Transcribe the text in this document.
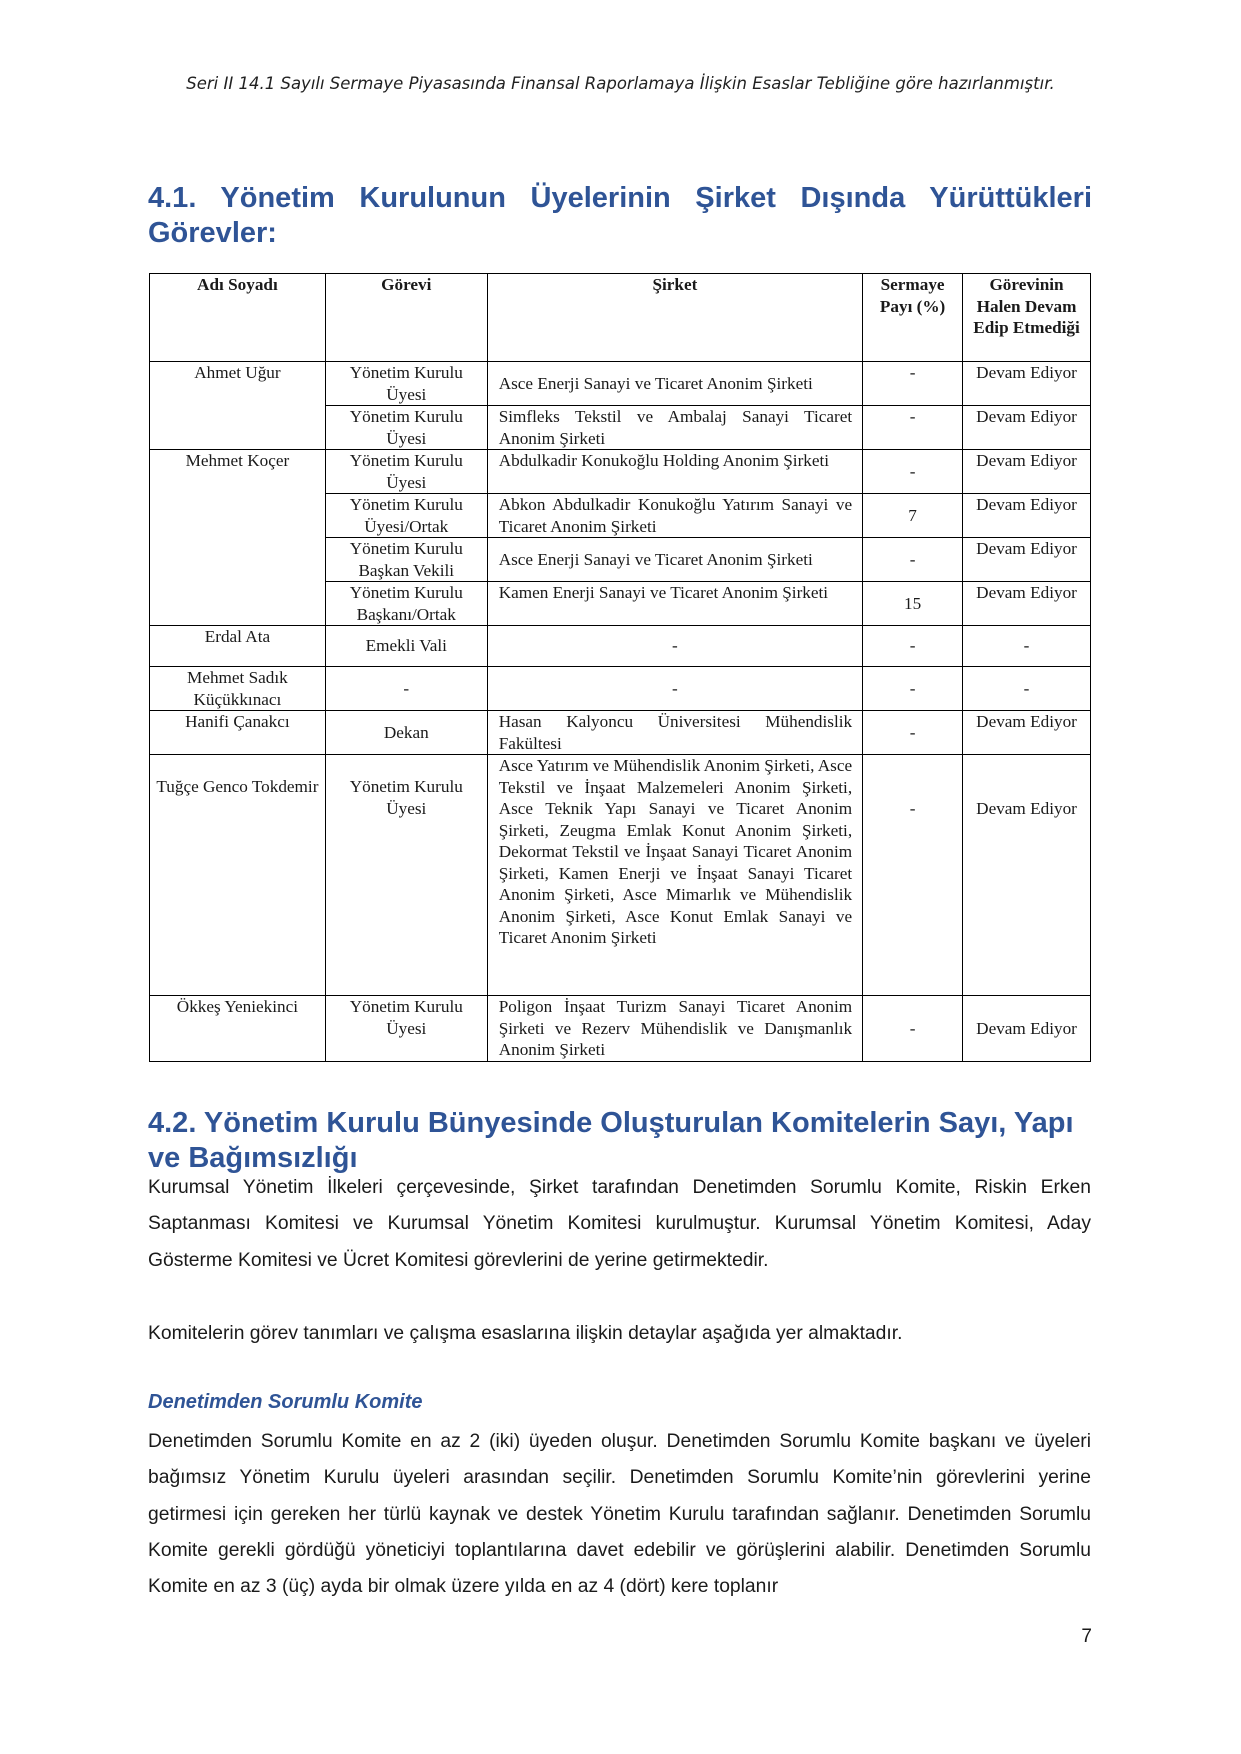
Seri II 14.1 Sayılı Sermaye Piyasasında Finansal Raporlamaya İlişkin Esaslar Tebliğine göre hazırlanmıştır.
4.1. Yönetim Kurulunun Üyelerinin Şirket Dışında Yürüttükleri Görevler:
Adı Soyadı	Görevi	Şirket	Sermaye Payı (%)	Görevinin Halen Devam Edip Etmediği
Ahmet Uğur	Yönetim Kurulu Üyesi	Asce Enerji Sanayi ve Ticaret Anonim Şirketi	-	Devam Ediyor
	Yönetim Kurulu Üyesi	Simfleks Tekstil ve Ambalaj Sanayi Ticaret Anonim Şirketi	-	Devam Ediyor
Mehmet Koçer	Yönetim Kurulu Üyesi	Abdulkadir Konukoğlu Holding Anonim Şirketi	-	Devam Ediyor
	Yönetim Kurulu Üyesi/Ortak	Abkon Abdulkadir Konukoğlu Yatırım Sanayi ve Ticaret Anonim Şirketi	7	Devam Ediyor
	Yönetim Kurulu Başkan Vekili	Asce Enerji Sanayi ve Ticaret Anonim Şirketi	-	Devam Ediyor
	Yönetim Kurulu Başkanı/Ortak	Kamen Enerji Sanayi ve Ticaret Anonim Şirketi	15	Devam Ediyor
Erdal Ata	Emekli Vali	-	-	-
Mehmet Sadık Küçükkınacı	-	-	-	-
Hanifi Çanakcı	Dekan	Hasan Kalyoncu Üniversitesi Mühendislik Fakültesi	-	Devam Ediyor
Tuğçe Genco Tokdemir	Yönetim Kurulu Üyesi	Asce Yatırım ve Mühendislik Anonim Şirketi, Asce Tekstil ve İnşaat Malzemeleri Anonim Şirketi, Asce Teknik Yapı Sanayi ve Ticaret Anonim Şirketi, Zeugma Emlak Konut Anonim Şirketi, Dekormat Tekstil ve İnşaat Sanayi Ticaret Anonim Şirketi, Kamen Enerji ve İnşaat Sanayi Ticaret Anonim Şirketi, Asce Mimarlık ve Mühendislik Anonim Şirketi, Asce Konut Emlak Sanayi ve Ticaret Anonim Şirketi	-	Devam Ediyor
Ökkeş Yeniekinci	Yönetim Kurulu Üyesi	Poligon İnşaat Turizm Sanayi Ticaret Anonim Şirketi ve Rezerv Mühendislik ve Danışmanlık Anonim Şirketi	-	Devam Ediyor
4.2. Yönetim Kurulu Bünyesinde Oluşturulan Komitelerin Sayı, Yapı ve Bağımsızlığı
Kurumsal Yönetim İlkeleri çerçevesinde, Şirket tarafından Denetimden Sorumlu Komite, Riskin Erken Saptanması Komitesi ve Kurumsal Yönetim Komitesi kurulmuştur. Kurumsal Yönetim Komitesi, Aday Gösterme Komitesi ve Ücret Komitesi görevlerini de yerine getirmektedir.
Komitelerin görev tanımları ve çalışma esaslarına ilişkin detaylar aşağıda yer almaktadır.
Denetimden Sorumlu Komite
Denetimden Sorumlu Komite en az 2 (iki) üyeden oluşur. Denetimden Sorumlu Komite başkanı ve üyeleri bağımsız Yönetim Kurulu üyeleri arasından seçilir. Denetimden Sorumlu Komite’nin görevlerini yerine getirmesi için gereken her türlü kaynak ve destek Yönetim Kurulu tarafından sağlanır. Denetimden Sorumlu Komite gerekli gördüğü yöneticiyi toplantılarına davet edebilir ve görüşlerini alabilir. Denetimden Sorumlu Komite en az 3 (üç) ayda bir olmak üzere yılda en az 4 (dört) kere toplanır
7
